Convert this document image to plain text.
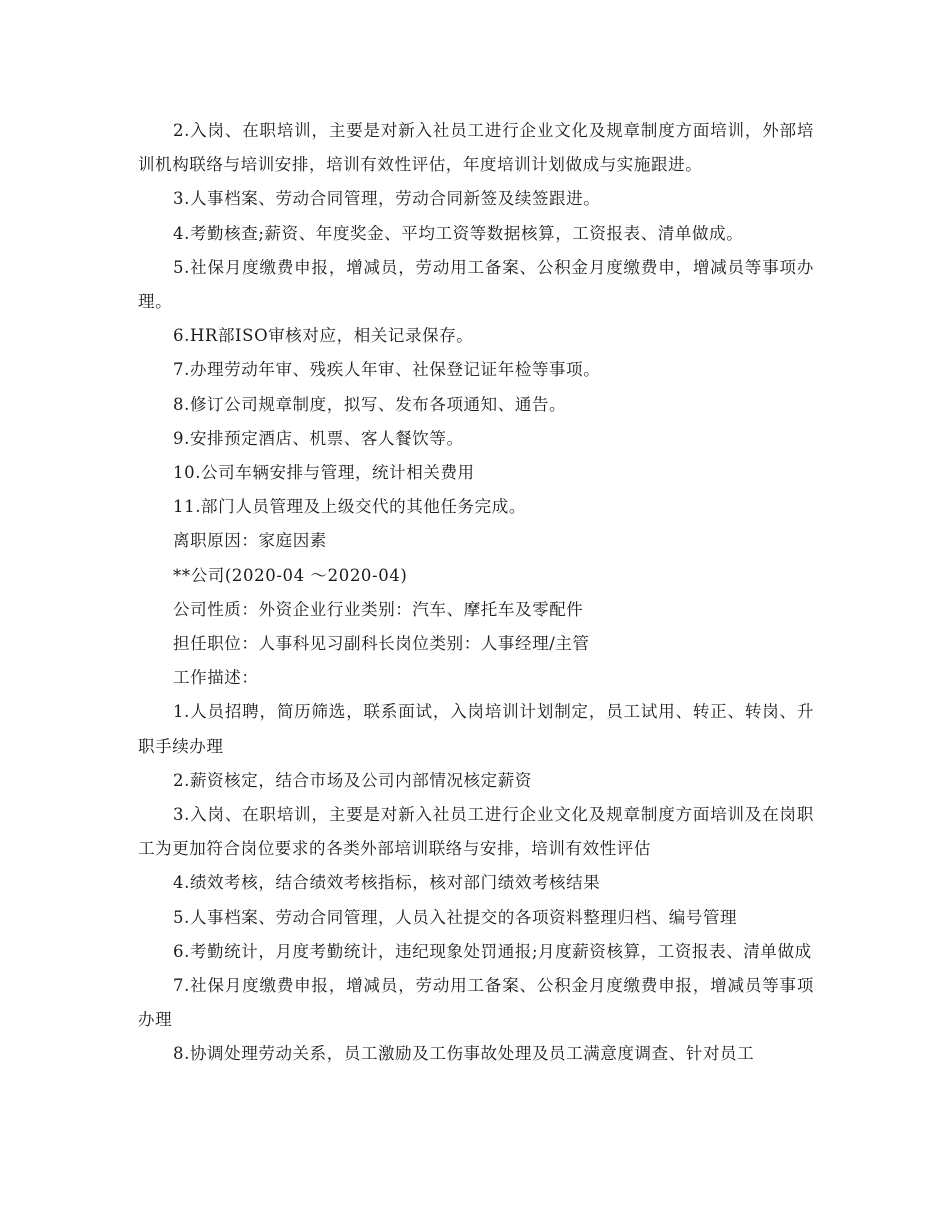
2.入岗、在职培训，主要是对新入社员工进行企业文化及规章制度方面培训，外部培训机构联络与培训安排，培训有效性评估，年度培训计划做成与实施跟进。

3.人事档案、劳动合同管理，劳动合同新签及续签跟进。

4.考勤核查;薪资、年度奖金、平均工资等数据核算，工资报表、清单做成。

5.社保月度缴费申报，增减员，劳动用工备案、公积金月度缴费申，增减员等事项办理。

6.HR部ISO审核对应，相关记录保存。

7.办理劳动年审、残疾人年审、社保登记证年检等事项。

8.修订公司规章制度，拟写、发布各项通知、通告。

9.安排预定酒店、机票、客人餐饮等。

10.公司车辆安排与管理，统计相关费用

11.部门人员管理及上级交代的其他任务完成。

离职原因：家庭因素

**公司(2020-04 ～2020-04)

公司性质：外资企业行业类别：汽车、摩托车及零配件

担任职位：人事科见习副科长岗位类别：人事经理/主管

工作描述：

1.人员招聘，简历筛选，联系面试，入岗培训计划制定，员工试用、转正、转岗、升职手续办理

2.薪资核定，结合市场及公司内部情况核定薪资

3.入岗、在职培训，主要是对新入社员工进行企业文化及规章制度方面培训及在岗职工为更加符合岗位要求的各类外部培训联络与安排，培训有效性评估

4.绩效考核，结合绩效考核指标，核对部门绩效考核结果

5.人事档案、劳动合同管理，人员入社提交的各项资料整理归档、编号管理

6.考勤统计，月度考勤统计，违纪现象处罚通报;月度薪资核算，工资报表、清单做成

7.社保月度缴费申报，增减员，劳动用工备案、公积金月度缴费申报，增减员等事项办理

8.协调处理劳动关系，员工激励及工伤事故处理及员工满意度调查、针对员工
